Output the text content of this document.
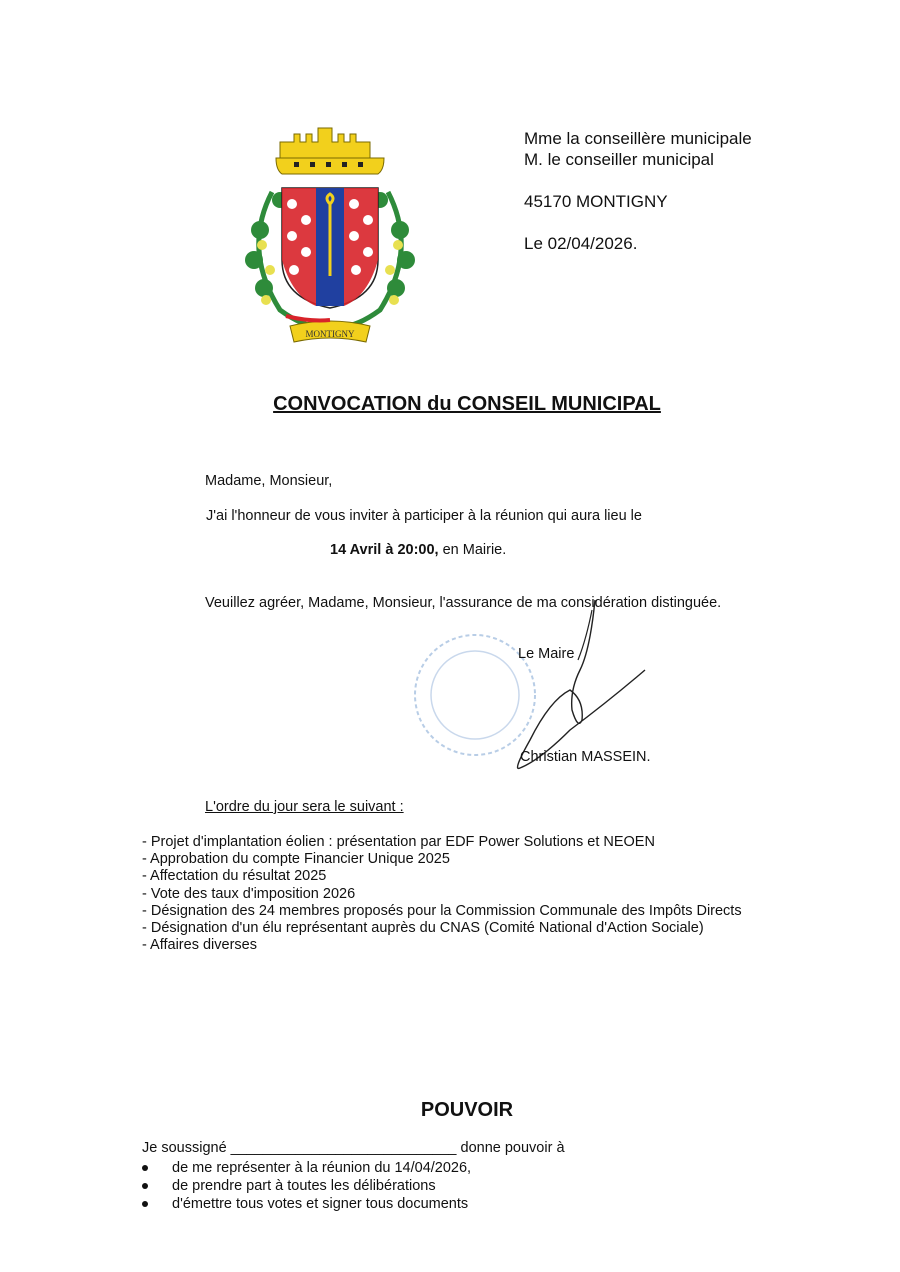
MONTIGNY
Mme la conseillère municipale
M. le conseiller municipal
45170 MONTIGNY
Le 02/04/2026.
CONVOCATION du CONSEIL MUNICIPAL
Madame, Monsieur,
J'ai l'honneur de vous inviter à participer à la réunion qui aura lieu le
14 Avril à 20:00, en Mairie.
Veuillez agréer, Madame, Monsieur, l'assurance de ma considération distinguée.
Le Maire
Christian MASSEIN.
L'ordre du jour sera le suivant :
- Projet d'implantation éolien : présentation par EDF Power Solutions et NEOEN
- Approbation du compte Financier Unique 2025
- Affectation du résultat 2025
- Vote des taux d'imposition 2026
- Désignation des 24 membres proposés pour la Commission Communale des Impôts Directs
- Désignation d'un élu représentant auprès du CNAS (Comité National d'Action Sociale)
- Affaires diverses
POUVOIR
Je soussigné ____________________________ donne pouvoir à
de me représenter à la réunion du 14/04/2026,
de prendre part à toutes les délibérations
d'émettre tous votes et signer tous documents
